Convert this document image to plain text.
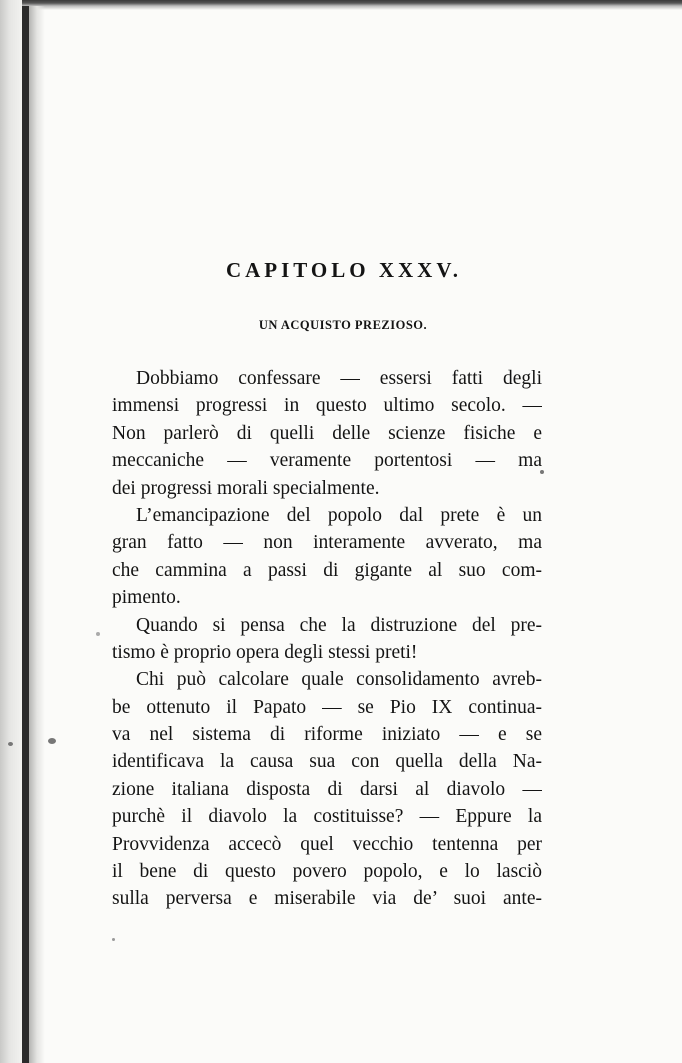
CAPITOLO XXXV.
UN ACQUISTO PREZIOSO.
Dobbiamo confessare — essersi fatti degli
immensi progressi in questo ultimo secolo. —
Non parlerò di quelli delle scienze fisiche e
meccaniche — veramente portentosi — ma
dei progressi morali specialmente.
L’emancipazione del popolo dal prete è un
gran fatto — non interamente avverato, ma
che cammina a passi di gigante al suo com-
pimento.
Quando si pensa che la distruzione del pre-
tismo è proprio opera degli stessi preti!
Chi può calcolare quale consolidamento avreb-
be ottenuto il Papato — se Pio IX continua-
va nel sistema di riforme iniziato — e se
identificava la causa sua con quella della Na-
zione italiana disposta di darsi al diavolo —
purchè il diavolo la costituisse? — Eppure la
Provvidenza accecò quel vecchio tentenna per
il bene di questo povero popolo, e lo lasciò
sulla perversa e miserabile via de’ suoi ante-
